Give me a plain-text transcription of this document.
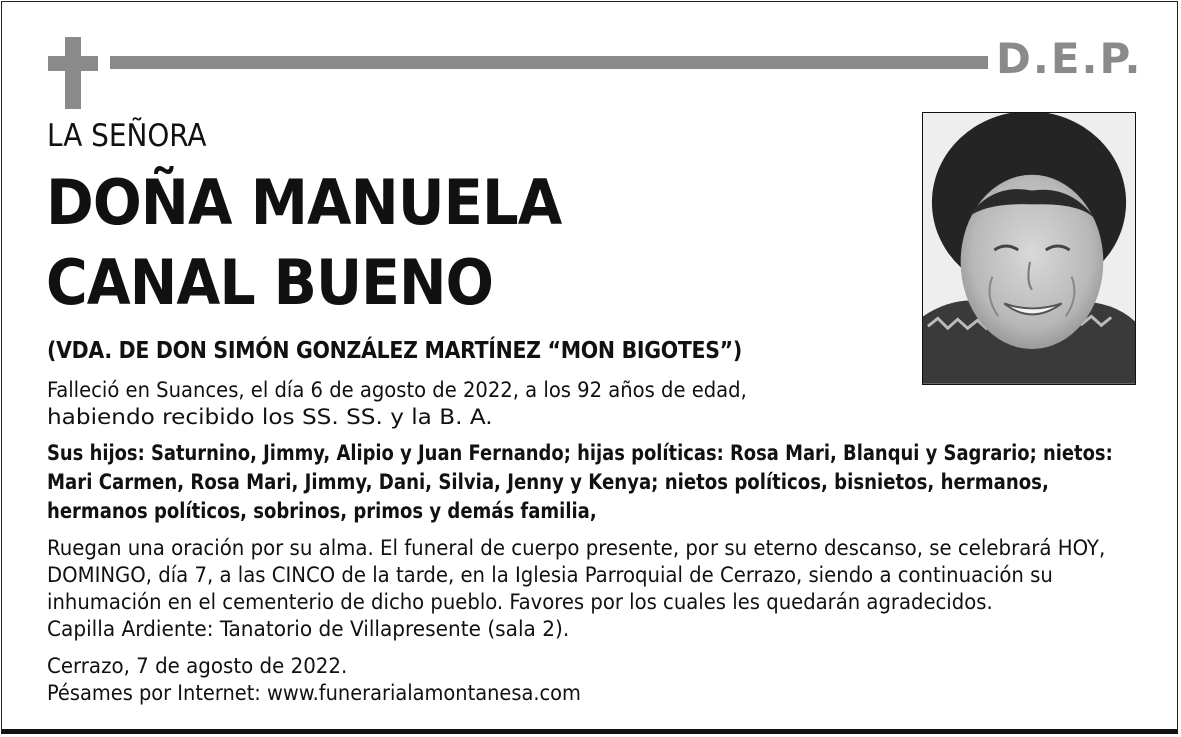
D.E.P.
LA SEÑORA
DOÑA MANUELA
CANAL BUENO
(VDA. DE DON SIMÓN GONZÁLEZ MARTÍNEZ “MON BIGOTES”)
Falleció en Suances, el día 6 de agosto de 2022, a los 92 años de edad,
habiendo recibido los SS. SS. y la B. A.
Sus hijos: Saturnino, Jimmy, Alipio y Juan Fernando; hijas políticas: Rosa Mari, Blanqui y Sagrario; nietos:
Mari Carmen, Rosa Mari, Jimmy, Dani, Silvia, Jenny y Kenya; nietos políticos, bisnietos, hermanos,
hermanos políticos, sobrinos, primos y demás familia,
Ruegan una oración por su alma. El funeral de cuerpo presente, por su eterno descanso, se celebrará HOY,
DOMINGO, día 7, a las CINCO de la tarde, en la Iglesia Parroquial de Cerrazo, siendo a continuación su
inhumación en el cementerio de dicho pueblo. Favores por los cuales les quedarán agradecidos.
Capilla Ardiente: Tanatorio de Villapresente (sala 2).
Cerrazo, 7 de agosto de 2022.
Pésames por Internet: www.funerarialamontanesa.com
